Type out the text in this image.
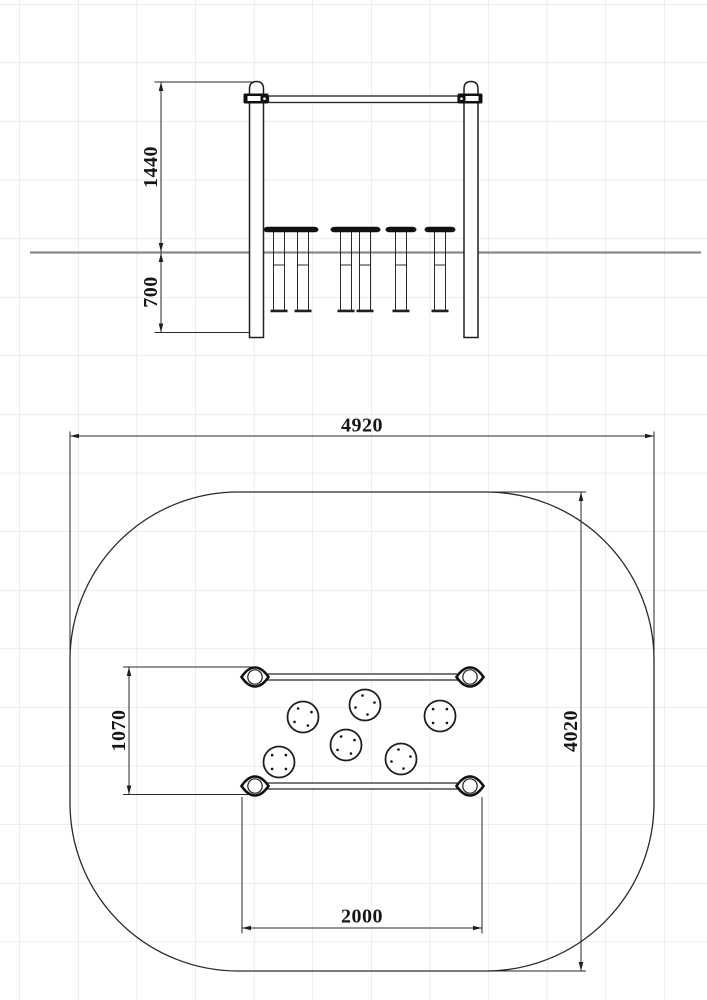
1440
700
4920
4020
1070
2000
